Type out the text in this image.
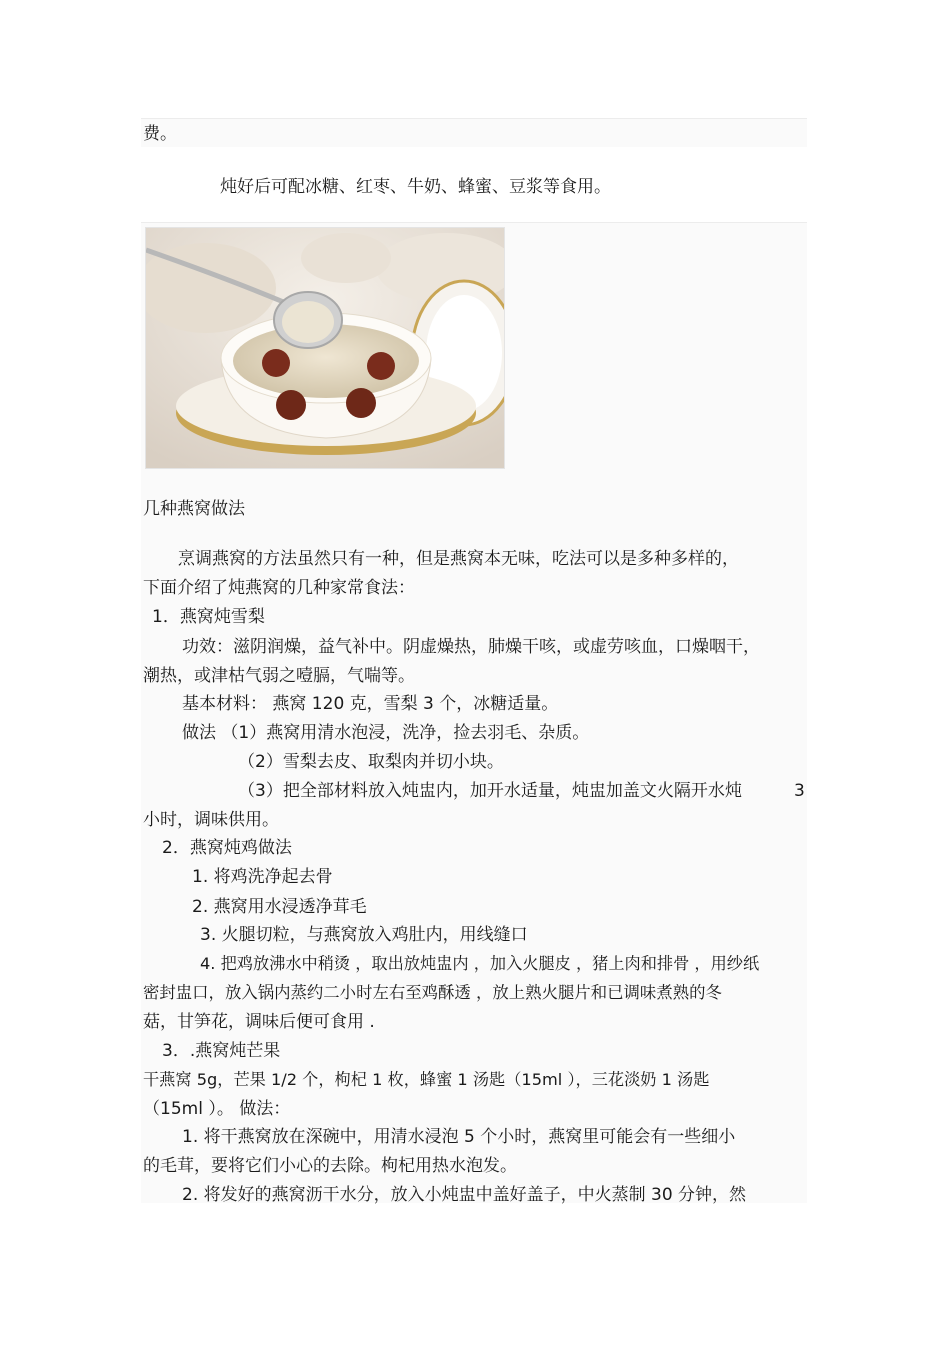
费。
炖好后可配冰糖、红枣、牛奶、蜂蜜、豆浆等食用。
几种燕窝做法
烹调燕窝的方法虽然只有一种，但是燕窝本无味，吃法可以是多种多样的，
下面介绍了炖燕窝的几种家常食法：
1．燕窝炖雪梨
功效：滋阴润燥，益气补中。阴虚燥热，肺燥干咳，或虚劳咳血，口燥咽干，
潮热，或津枯气弱之噎膈，气喘等。
基本材料： 燕窝 120 克，雪梨 3 个，冰糖适量。
做法 （1）燕窝用清水泡浸，洗净，捡去羽毛、杂质。
（2）雪梨去皮、取梨肉并切小块。
（3）把全部材料放入炖盅内，加开水适量，炖盅加盖文火隔开水炖	3
小时，调味供用。
2．燕窝炖鸡做法
1. 将鸡洗净起去骨
2. 燕窝用水浸透净茸毛
3. 火腿切粒，与燕窝放入鸡肚内，用线缝口
4. 把鸡放沸水中稍烫 ，取出放炖盅内 ，加入火腿皮 ，猪上肉和排骨 ，用纱纸
密封盅口，放入锅内蒸约二小时左右至鸡酥透 ，放上熟火腿片和已调味煮熟的冬
菇，甘笋花，调味后便可食用 .
3．.燕窝炖芒果
干燕窝 5g，芒果 1/2 个，枸杞 1 枚，蜂蜜 1 汤匙（15ml ），三花淡奶 1 汤匙
（15ml ）。 做法：
1. 将干燕窝放在深碗中，用清水浸泡 5 个小时，燕窝里可能会有一些细小
的毛茸，要将它们小心的去除。枸杞用热水泡发。
2. 将发好的燕窝沥干水分，放入小炖盅中盖好盖子，中火蒸制 30 分钟，然
